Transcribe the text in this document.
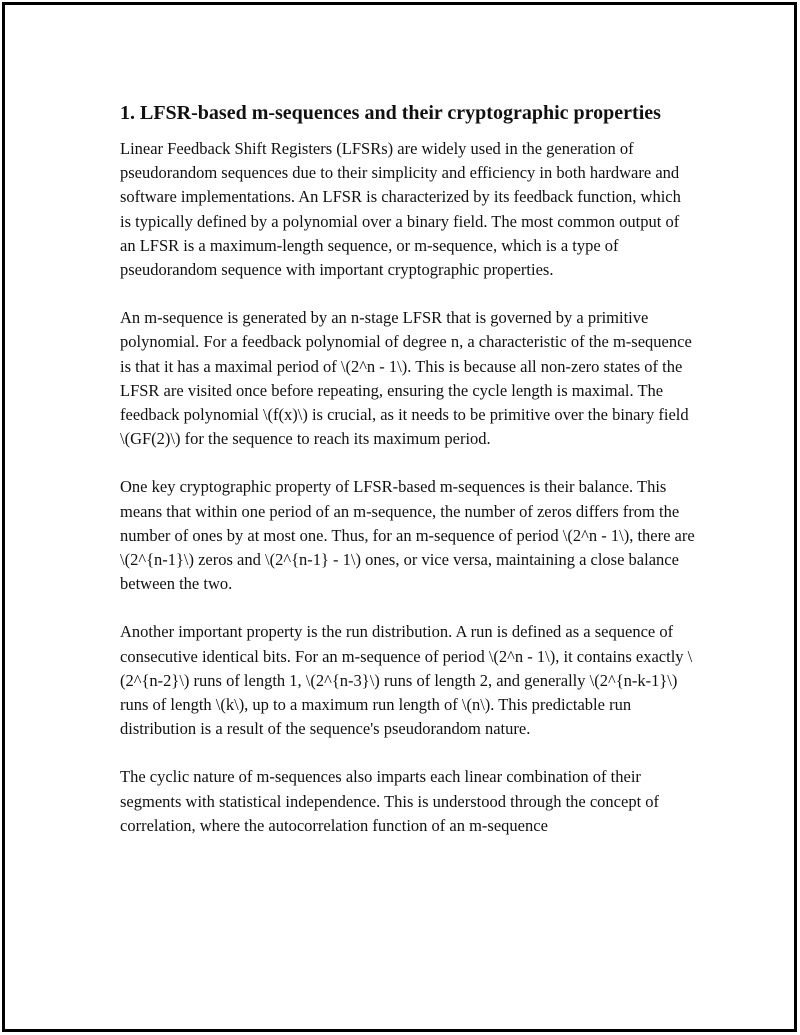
1. LFSR-based m-sequences and their cryptographic properties

Linear Feedback Shift Registers (LFSRs) are widely used in the generation of pseudorandom sequences due to their simplicity and efficiency in both hardware and software implementations. An LFSR is characterized by its feedback function, which is typically defined by a polynomial over a binary field. The most common output of an LFSR is a maximum-length sequence, or m-sequence, which is a type of pseudorandom sequence with important cryptographic properties.

An m-sequence is generated by an n-stage LFSR that is governed by a primitive polynomial. For a feedback polynomial of degree n, a characteristic of the m-sequence is that it has a maximal period of \(2^n - 1\). This is because all non-zero states of the LFSR are visited once before repeating, ensuring the cycle length is maximal. The feedback polynomial \(f(x)\) is crucial, as it needs to be primitive over the binary field \(GF(2)\) for the sequence to reach its maximum period.

One key cryptographic property of LFSR-based m-sequences is their balance. This means that within one period of an m-sequence, the number of zeros differs from the number of ones by at most one. Thus, for an m-sequence of period \(2^n - 1\), there are \(2^{n-1}\) zeros and \(2^{n-1} - 1\) ones, or vice versa, maintaining a close balance between the two.

Another important property is the run distribution. A run is defined as a sequence of consecutive identical bits. For an m-sequence of period \(2^n - 1\), it contains exactly \(2^{n-2}\) runs of length 1, \(2^{n-3}\) runs of length 2, and generally \(2^{n-k-1}\) runs of length \(k\), up to a maximum run length of \(n\). This predictable run distribution is a result of the sequence's pseudorandom nature.

The cyclic nature of m-sequences also imparts each linear combination of their segments with statistical independence. This is understood through the concept of correlation, where the autocorrelation function of an m-sequence
